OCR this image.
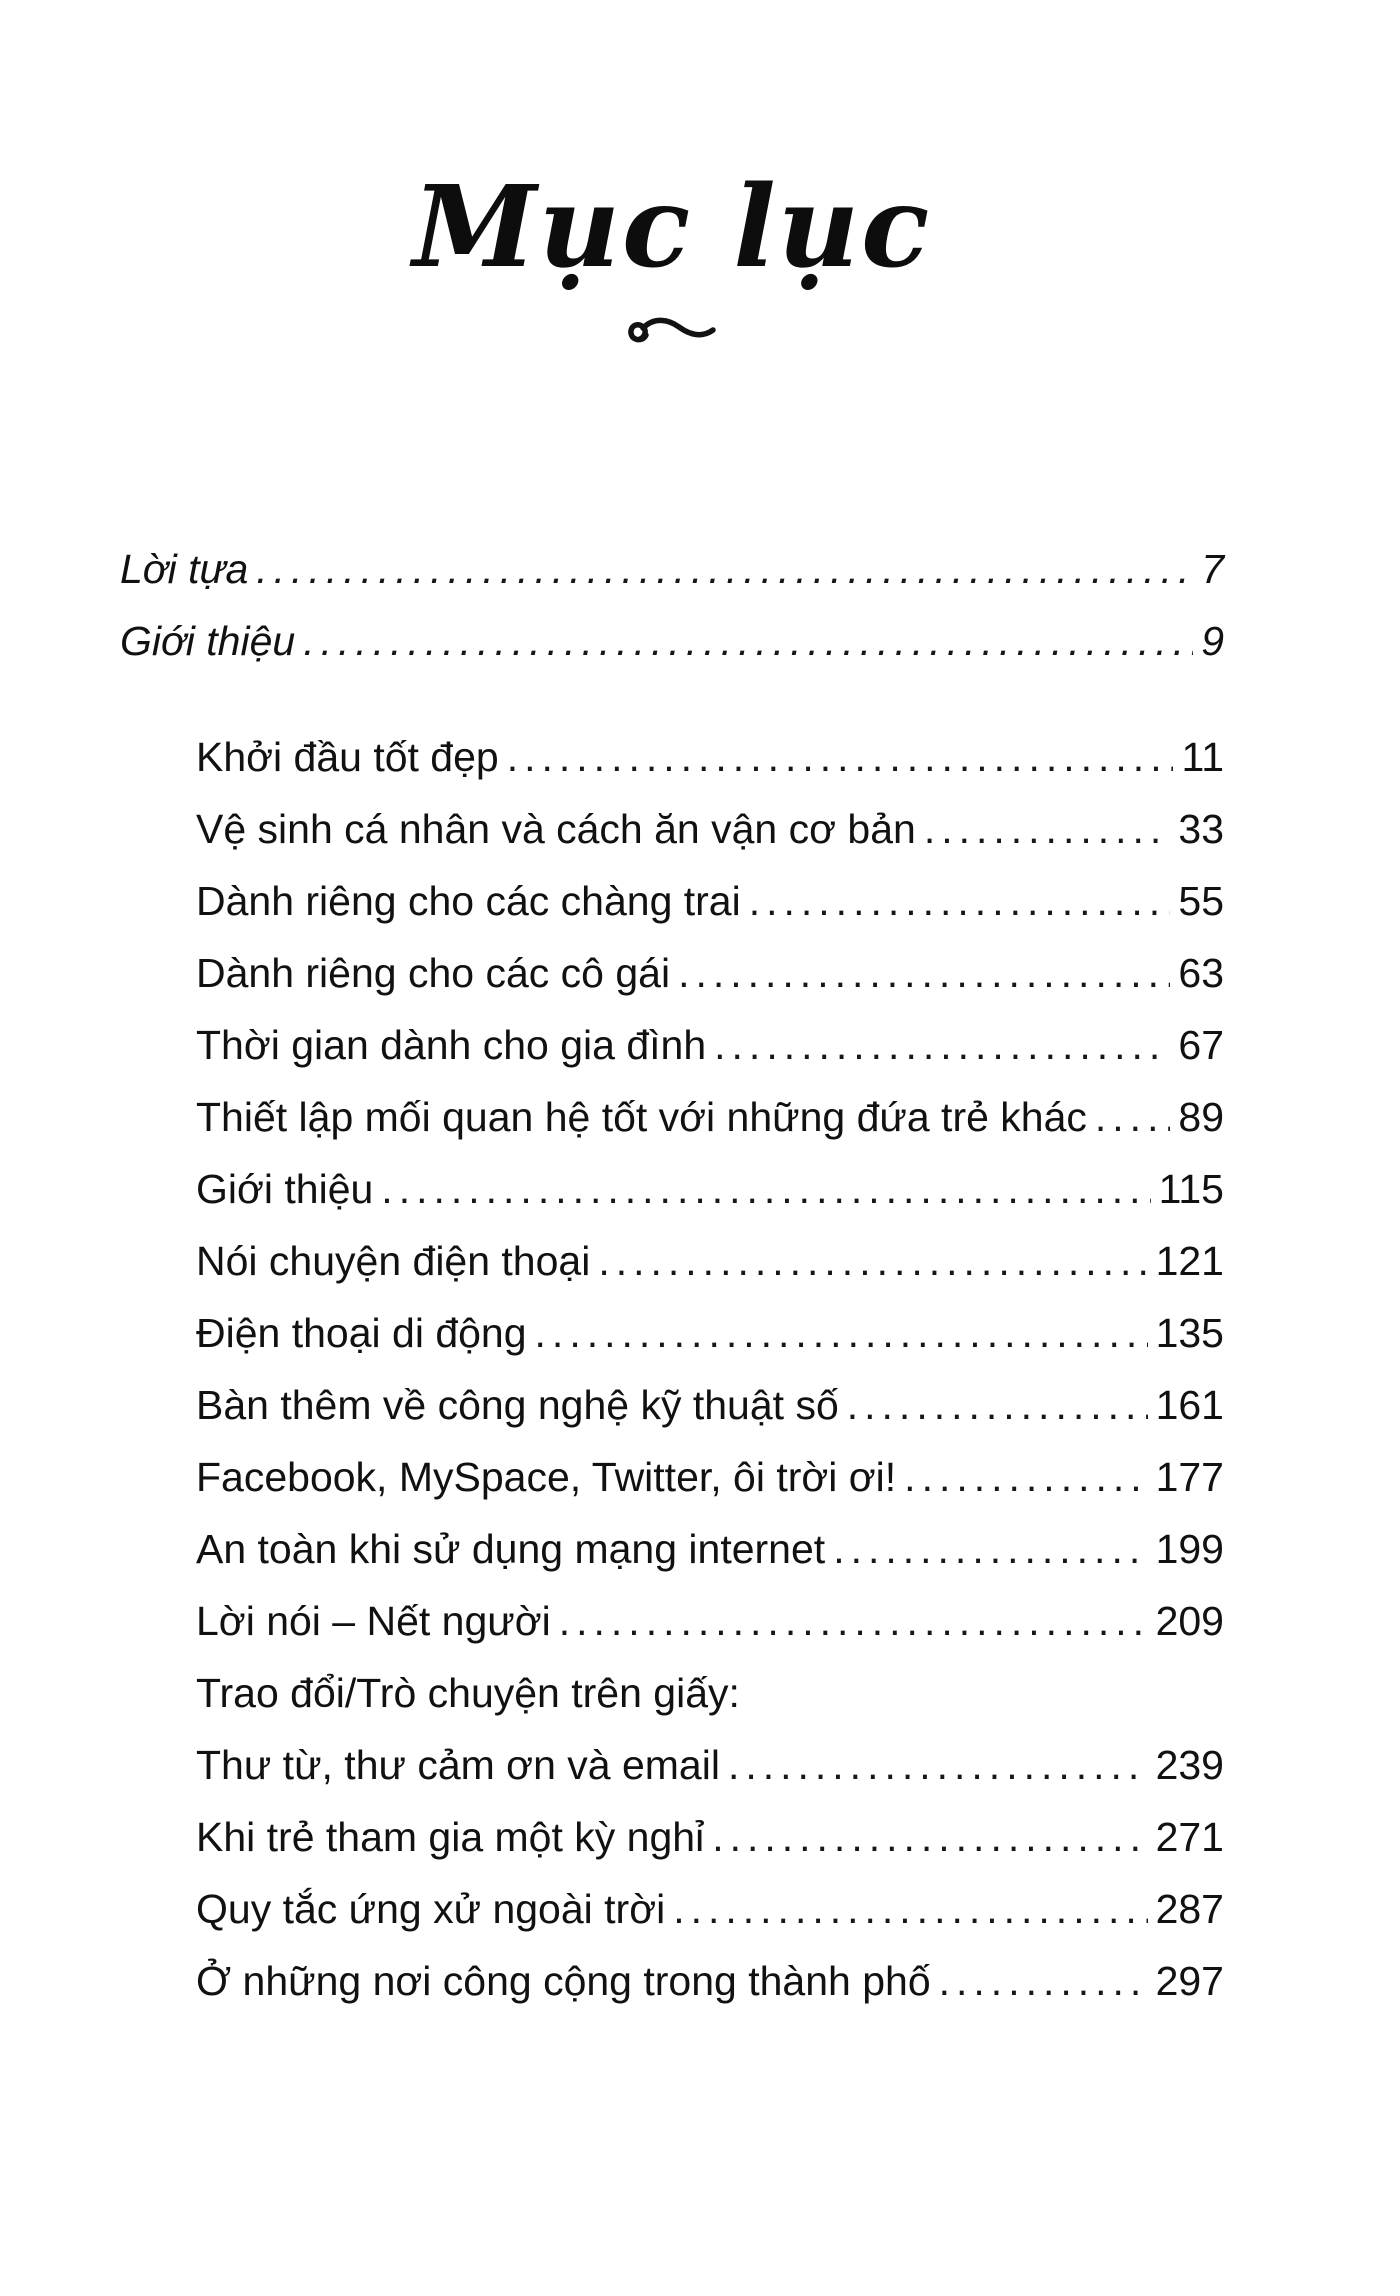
Mục lục
Lời tựa .....	7
Giới thiệu .....	9
Khởi đầu tốt đẹp .....	11
Vệ sinh cá nhân và cách ăn vận cơ bản .....	33
Dành riêng cho các chàng trai .....	55
Dành riêng cho các cô gái .....	63
Thời gian dành cho gia đình .....	67
Thiết lập mối quan hệ tốt với những đứa trẻ khác ..... 89
Giới thiệu .....	115
Nói chuyện điện thoại .....	121
Điện thoại di động .....	135
Bàn thêm về công nghệ kỹ thuật số .....	161
Facebook, MySpace, Twitter, ôi trời ơi! .....	177
An toàn khi sử dụng mạng internet .....	199
Lời nói – Nết người .....	209
Trao đổi/Trò chuyện trên giấy:
Thư từ, thư cảm ơn và email .....	239
Khi trẻ tham gia một kỳ nghỉ .....	271
Quy tắc ứng xử ngoài trời .....	287
Ở những nơi công cộng trong thành phố .....	297
